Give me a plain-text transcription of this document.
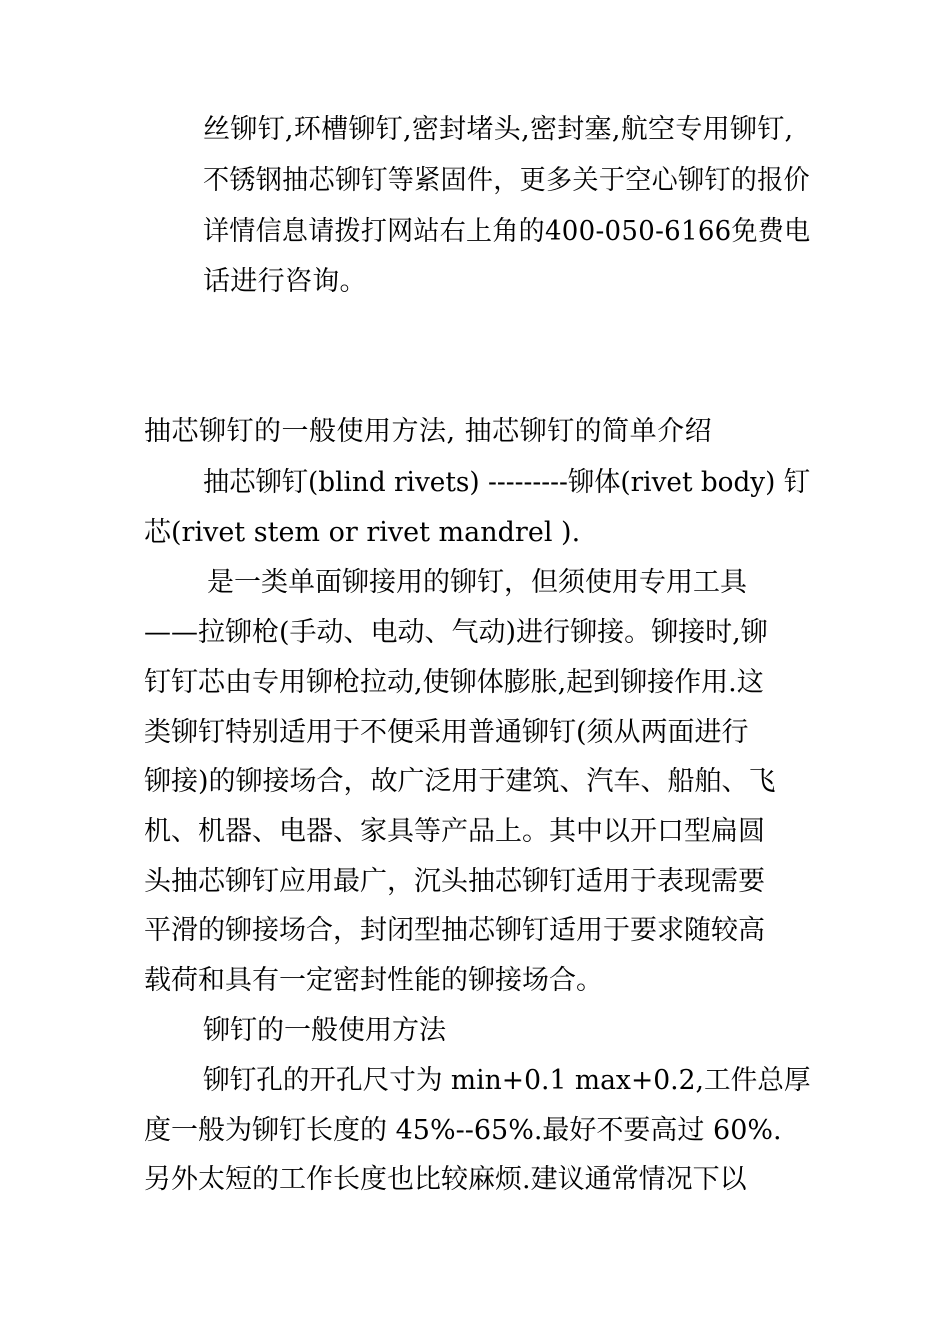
丝铆钉,环槽铆钉,密封堵头,密封塞,航空专用铆钉,

不锈钢抽芯铆钉等紧固件，更多关于空心铆钉的报价

详情信息请拨打网站右上角的400-050-6166免费电

话进行咨询。

抽芯铆钉的一般使用方法, 抽芯铆钉的简单介绍

抽芯铆钉(blind rivets) ---------铆体(rivet body) 钉

芯(rivet stem or rivet mandrel ).

是一类单面铆接用的铆钉，但须使用专用工具

——拉铆枪(手动、电动、气动)进行铆接。铆接时,铆

钉钉芯由专用铆枪拉动,使铆体膨胀,起到铆接作用.这

类铆钉特别适用于不便采用普通铆钉(须从两面进行

铆接)的铆接场合，故广泛用于建筑、汽车、船舶、飞

机、机器、电器、家具等产品上。其中以开口型扁圆

头抽芯铆钉应用最广，沉头抽芯铆钉适用于表现需要

平滑的铆接场合，封闭型抽芯铆钉适用于要求随较高

载荷和具有一定密封性能的铆接场合。

铆钉的一般使用方法

铆钉孔的开孔尺寸为 min+0.1 max+0.2,工件总厚

度一般为铆钉长度的 45%--65%.最好不要高过 60%.

另外太短的工作长度也比较麻烦.建议通常情况下以
